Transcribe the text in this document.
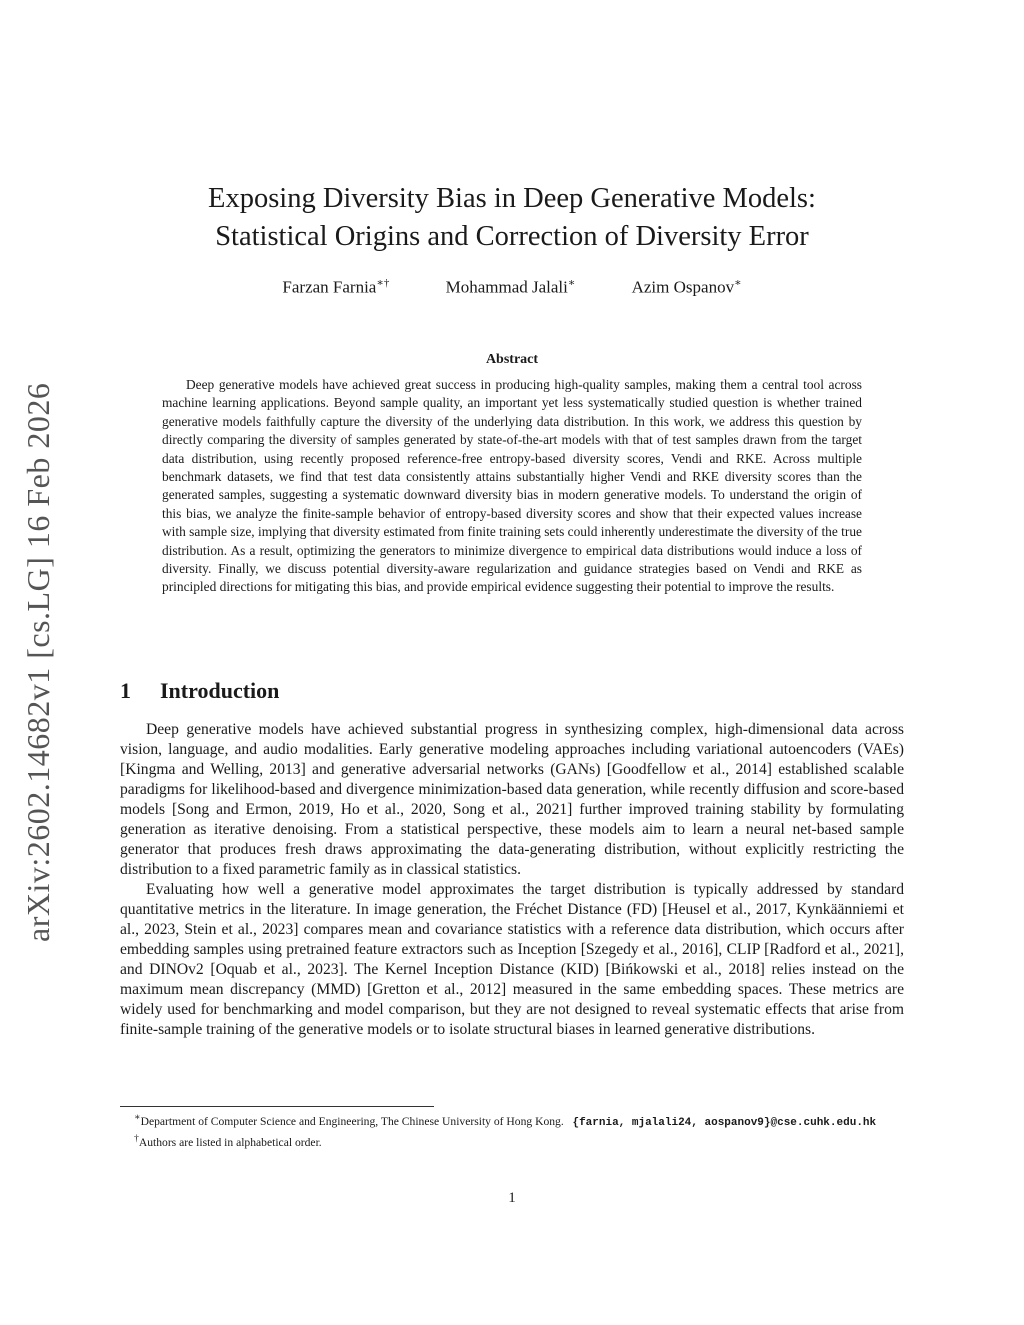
arXiv:2602.14682v1 [cs.LG] 16 Feb 2026
Exposing Diversity Bias in Deep Generative Models:
Statistical Origins and Correction of Diversity Error
Farzan Farnia∗†	Mohammad Jalali∗	Azim Ospanov∗
Abstract
Deep generative models have achieved great success in producing high-quality samples, making them a central tool across machine learning applications. Beyond sample quality, an important yet less systematically studied question is whether trained generative models faithfully capture the diversity of the underlying data distribution. In this work, we address this question by directly comparing the diversity of samples generated by state-of-the-art models with that of test samples drawn from the target data distribution, using recently proposed reference-free entropy-based diversity scores, Vendi and RKE. Across multiple benchmark datasets, we find that test data consistently attains substantially higher Vendi and RKE diversity scores than the generated samples, suggesting a systematic downward diversity bias in modern generative models. To understand the origin of this bias, we analyze the finite-sample behavior of entropy-based diversity scores and show that their expected values increase with sample size, implying that diversity estimated from finite training sets could inherently underestimate the diversity of the true distribution. As a result, optimizing the generators to minimize divergence to empirical data distributions would induce a loss of diversity. Finally, we discuss potential diversity-aware regularization and guidance strategies based on Vendi and RKE as principled directions for mitigating this bias, and provide empirical evidence suggesting their potential to improve the results.
1 Introduction

Deep generative models have achieved substantial progress in synthesizing complex, high-dimensional data across vision, language, and audio modalities. Early generative modeling approaches including variational autoencoders (VAEs) [Kingma and Welling, 2013] and generative adversarial networks (GANs) [Goodfellow et al., 2014] established scalable paradigms for likelihood-based and divergence minimization-based data generation, while recently diffusion and score-based models [Song and Ermon, 2019, Ho et al., 2020, Song et al., 2021] further improved training stability by formulating generation as iterative denoising. From a statistical perspective, these models aim to learn a neural net-based sample generator that produces fresh draws approximating the data-generating distribution, without explicitly restricting the distribution to a fixed parametric family as in classical statistics.

Evaluating how well a generative model approximates the target distribution is typically addressed by standard quantitative metrics in the literature. In image generation, the Fréchet Distance (FD) [Heusel et al., 2017, Kynkäänniemi et al., 2023, Stein et al., 2023] compares mean and covariance statistics with a reference data distribution, which occurs after embedding samples using pretrained feature extractors such as Inception [Szegedy et al., 2016], CLIP [Radford et al., 2021], and DINOv2 [Oquab et al., 2023]. The Kernel Inception Distance (KID) [Bińkowski et al., 2018] relies instead on the maximum mean discrepancy (MMD) [Gretton et al., 2012] measured in the same embedding spaces. These metrics are widely used for benchmarking and model comparison, but they are not designed to reveal systematic effects that arise from finite-sample training of the generative models or to isolate structural biases in learned generative distributions.

∗Department of Computer Science and Engineering, The Chinese University of Hong Kong. {farnia, mjalali24, aospanov9}@cse.cuhk.edu.hk

†Authors are listed in alphabetical order.

1
